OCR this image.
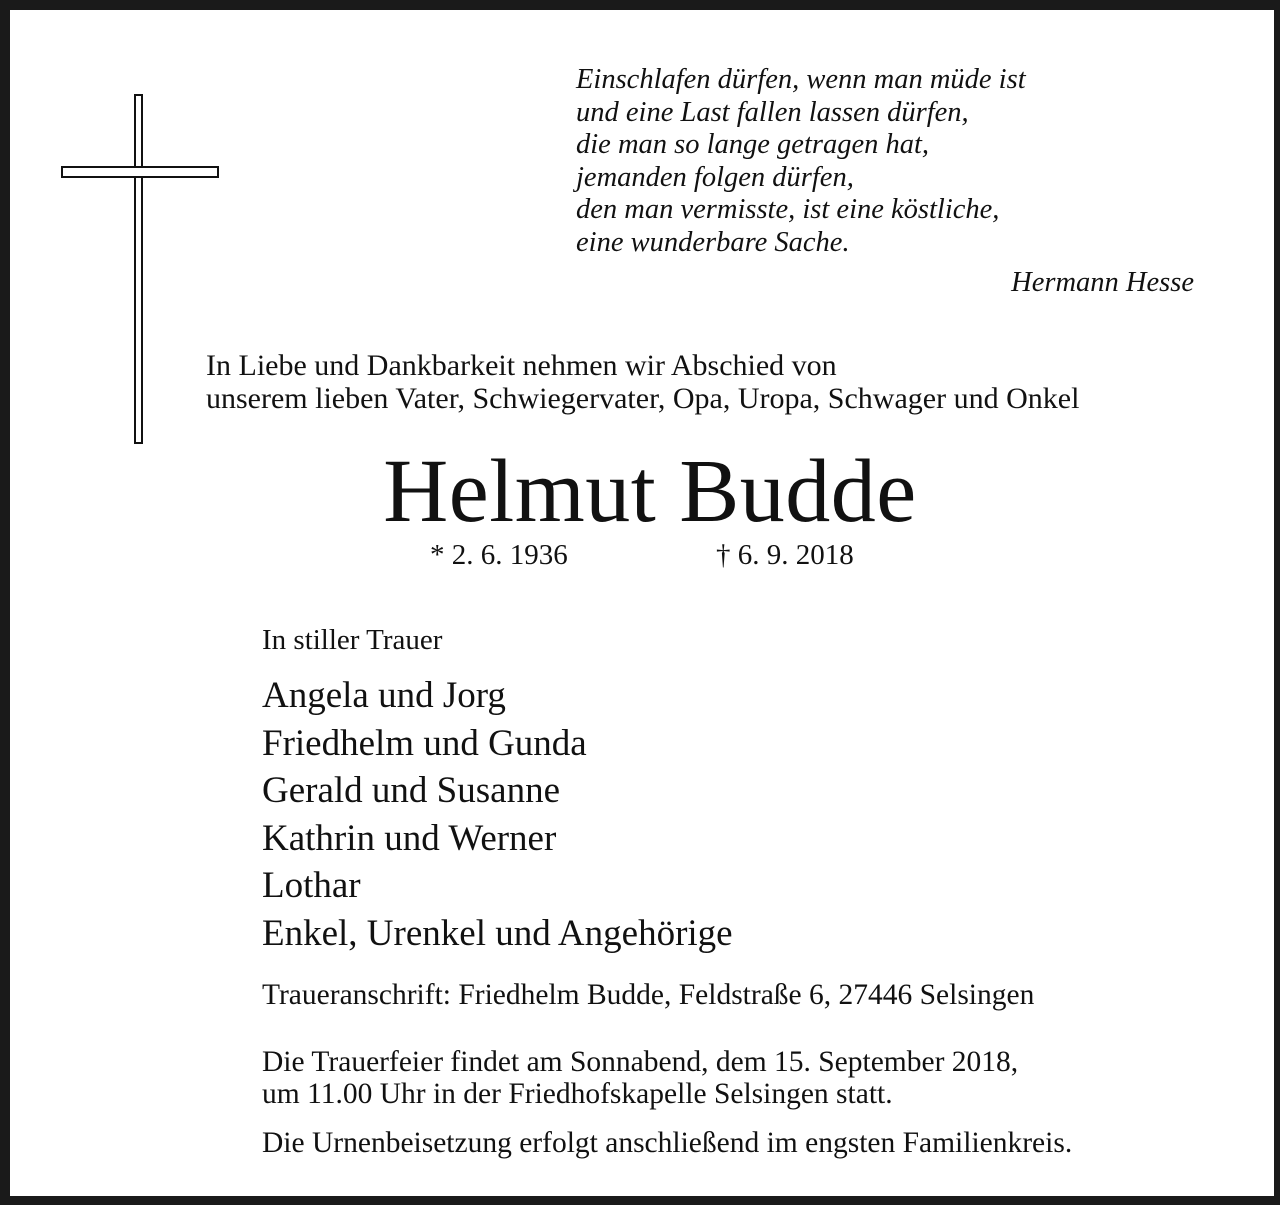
Einschlafen dürfen, wenn man müde ist
und eine Last fallen lassen dürfen,
die man so lange getragen hat,
jemanden folgen dürfen,
den man vermisste, ist eine köstliche,
eine wunderbare Sache.
Hermann Hesse
In Liebe und Dankbarkeit nehmen wir Abschied von
unserem lieben Vater, Schwiegervater, Opa, Uropa, Schwager und Onkel
Helmut Budde
* 2. 6. 1936	† 6. 9. 2018
In stiller Trauer
Angela und Jorg
Friedhelm und Gunda
Gerald und Susanne
Kathrin und Werner
Lothar
Enkel, Urenkel und Angehörige
Traueranschrift: Friedhelm Budde, Feldstraße 6, 27446 Selsingen
Die Trauerfeier findet am Sonnabend, dem 15. September 2018,
um 11.00 Uhr in der Friedhofskapelle Selsingen statt.
Die Urnenbeisetzung erfolgt anschließend im engsten Familienkreis.
